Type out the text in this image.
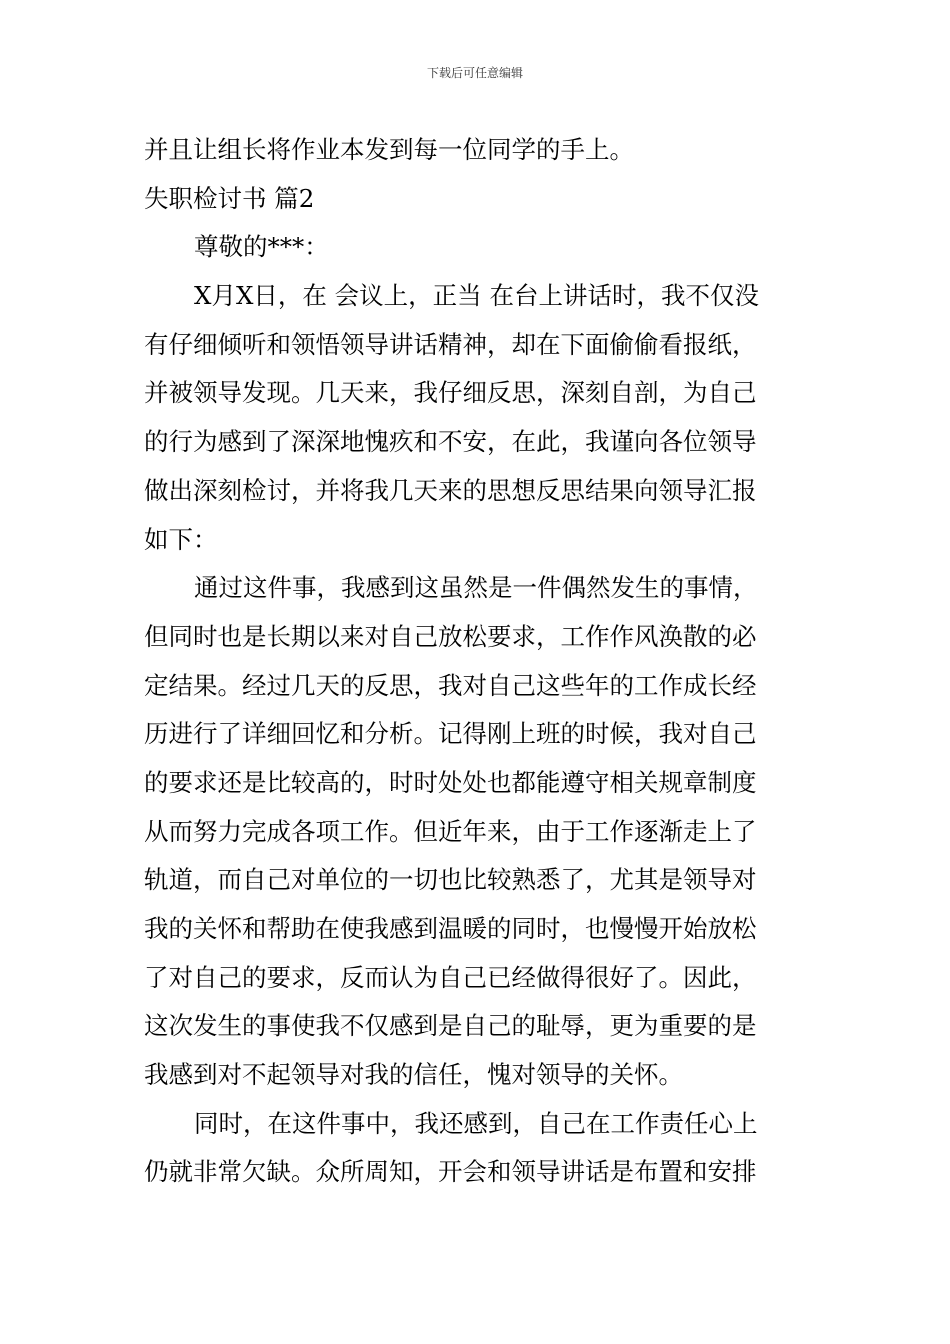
下载后可任意编辑
并且让组长将作业本发到每一位同学的手上。
失职检讨书 篇2
尊敬的***：
X月X日，在 会议上，正当 在台上讲话时，我不仅没
有仔细倾听和领悟领导讲话精神，却在下面偷偷看报纸，
并被领导发现。几天来，我仔细反思，深刻自剖，为自己
的行为感到了深深地愧疚和不安，在此，我谨向各位领导
做出深刻检讨，并将我几天来的思想反思结果向领导汇报
如下：
通过这件事，我感到这虽然是一件偶然发生的事情，
但同时也是长期以来对自己放松要求，工作作风涣散的必
定结果。经过几天的反思，我对自己这些年的工作成长经
历进行了详细回忆和分析。记得刚上班的时候，我对自己
的要求还是比较高的，时时处处也都能遵守相关规章制度
从而努力完成各项工作。但近年来，由于工作逐渐走上了
轨道，而自己对单位的一切也比较熟悉了，尤其是领导对
我的关怀和帮助在使我感到温暖的同时，也慢慢开始放松
了对自己的要求，反而认为自己已经做得很好了。因此，
这次发生的事使我不仅感到是自己的耻辱，更为重要的是
我感到对不起领导对我的信任，愧对领导的关怀。
同时，在这件事中，我还感到，自己在工作责任心上
仍就非常欠缺。众所周知，开会和领导讲话是布置和安排
